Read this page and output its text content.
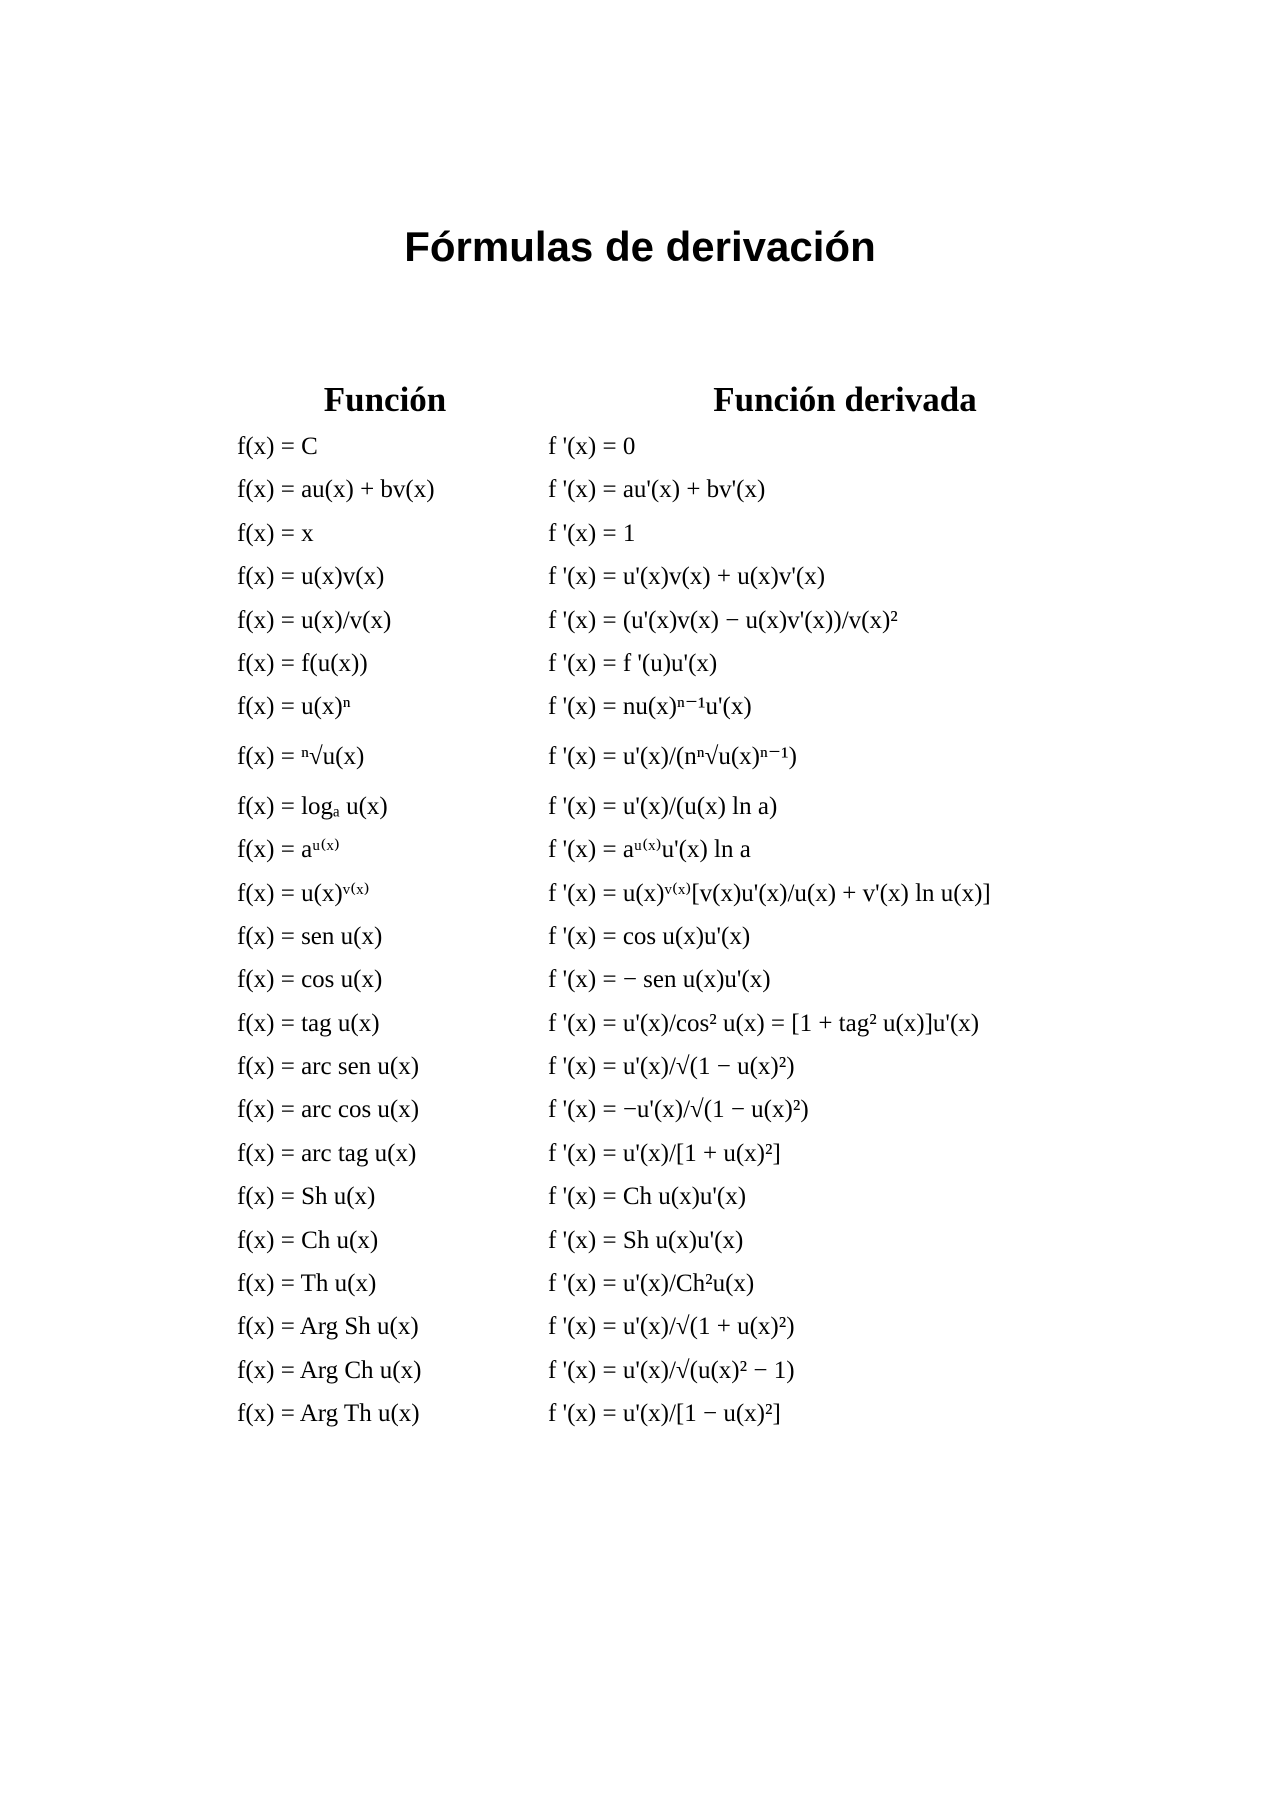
Fórmulas de derivación
Función	Función derivada
f(x) = C	f '(x) = 0
f(x) = au(x) + bv(x)	f '(x) = au'(x) + bv'(x)
f(x) = x	f '(x) = 1
f(x) = u(x)v(x)	f '(x) = u'(x)v(x) + u(x)v'(x)
f(x) = u(x)/v(x)	f '(x) = (u'(x)v(x) − u(x)v'(x))/v(x)²
f(x) = f(u(x))	f '(x) = f '(u)u'(x)
f(x) = u(x)ⁿ	f '(x) = nu(x)ⁿ⁻¹u'(x)
f(x) = ⁿ√u(x)	f '(x) = u'(x)/(nⁿ√u(x)ⁿ⁻¹)
f(x) = logₐ u(x)	f '(x) = u'(x)/(u(x) ln a)
f(x) = aᵘ⁽ˣ⁾	f '(x) = aᵘ⁽ˣ⁾u'(x) ln a
f(x) = u(x)ᵛ⁽ˣ⁾	f '(x) = u(x)ᵛ⁽ˣ⁾[v(x)u'(x)/u(x) + v'(x) ln u(x)]
f(x) = sen u(x)	f '(x) = cos u(x)u'(x)
f(x) = cos u(x)	f '(x) = − sen u(x)u'(x)
f(x) = tag u(x)	f '(x) = u'(x)/cos² u(x) = [1 + tag² u(x)]u'(x)
f(x) = arc sen u(x)	f '(x) = u'(x)/√(1 − u(x)²)
f(x) = arc cos u(x)	f '(x) = −u'(x)/√(1 − u(x)²)
f(x) = arc tag u(x)	f '(x) = u'(x)/[1 + u(x)²]
f(x) = Sh u(x)	f '(x) = Ch u(x)u'(x)
f(x) = Ch u(x)	f '(x) = Sh u(x)u'(x)
f(x) = Th u(x)	f '(x) = u'(x)/Ch²u(x)
f(x) = Arg Sh u(x)	f '(x) = u'(x)/√(1 + u(x)²)
f(x) = Arg Ch u(x)	f '(x) = u'(x)/√(u(x)² − 1)
f(x) = Arg Th u(x)	f '(x) = u'(x)/[1 − u(x)²]
